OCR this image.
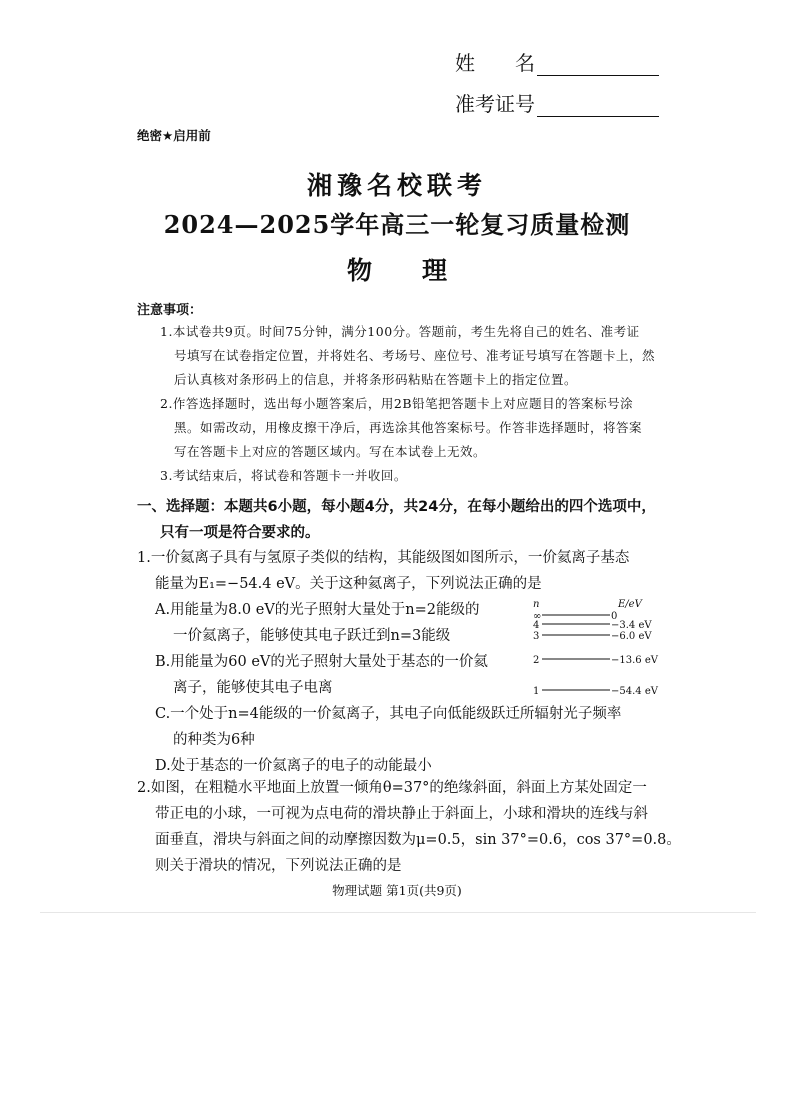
姓　　名
准考证号
绝密★启用前
湘豫名校联考
2024—2025学年高三一轮复习质量检测
物　　理
注意事项：
1.本试卷共9页。时间75分钟，满分100分。答题前，考生先将自己的姓名、准考证
号填写在试卷指定位置，并将姓名、考场号、座位号、准考证号填写在答题卡上，然
后认真核对条形码上的信息，并将条形码粘贴在答题卡上的指定位置。
2.作答选择题时，选出每小题答案后，用2B铅笔把答题卡上对应题目的答案标号涂
黑。如需改动，用橡皮擦干净后，再选涂其他答案标号。作答非选择题时，将答案
写在答题卡上对应的答题区域内。写在本试卷上无效。
3.考试结束后，将试卷和答题卡一并收回。
一、选择题：本题共6小题，每小题4分，共24分，在每小题给出的四个选项中，
只有一项是符合要求的。
1.一价氦离子具有与氢原子类似的结构，其能级图如图所示，一价氦离子基态
能量为E₁=−54.4 eV。关于这种氦离子，下列说法正确的是
A.用能量为8.0 eV的光子照射大量处于n=2能级的
一价氦离子，能够使其电子跃迁到n=3能级
B.用能量为60 eV的光子照射大量处于基态的一价氦
离子，能够使其电子电离
C.一个处于n=4能级的一价氦离子，其电子向低能级跃迁所辐射光子频率
的种类为6种
D.处于基态的一价氦离子的电子的动能最小
n	E/eV
∞	0
4	−3.4 eV
3	−6.0 eV
2	−13.6 eV
1	−54.4 eV
2.如图，在粗糙水平地面上放置一倾角θ=37°的绝缘斜面，斜面上方某处固定一
带正电的小球，一可视为点电荷的滑块静止于斜面上，小球和滑块的连线与斜
面垂直，滑块与斜面之间的动摩擦因数为μ=0.5，sin 37°=0.6，cos 37°=0.8。
则关于滑块的情况，下列说法正确的是
物理试题 第1页(共9页)
